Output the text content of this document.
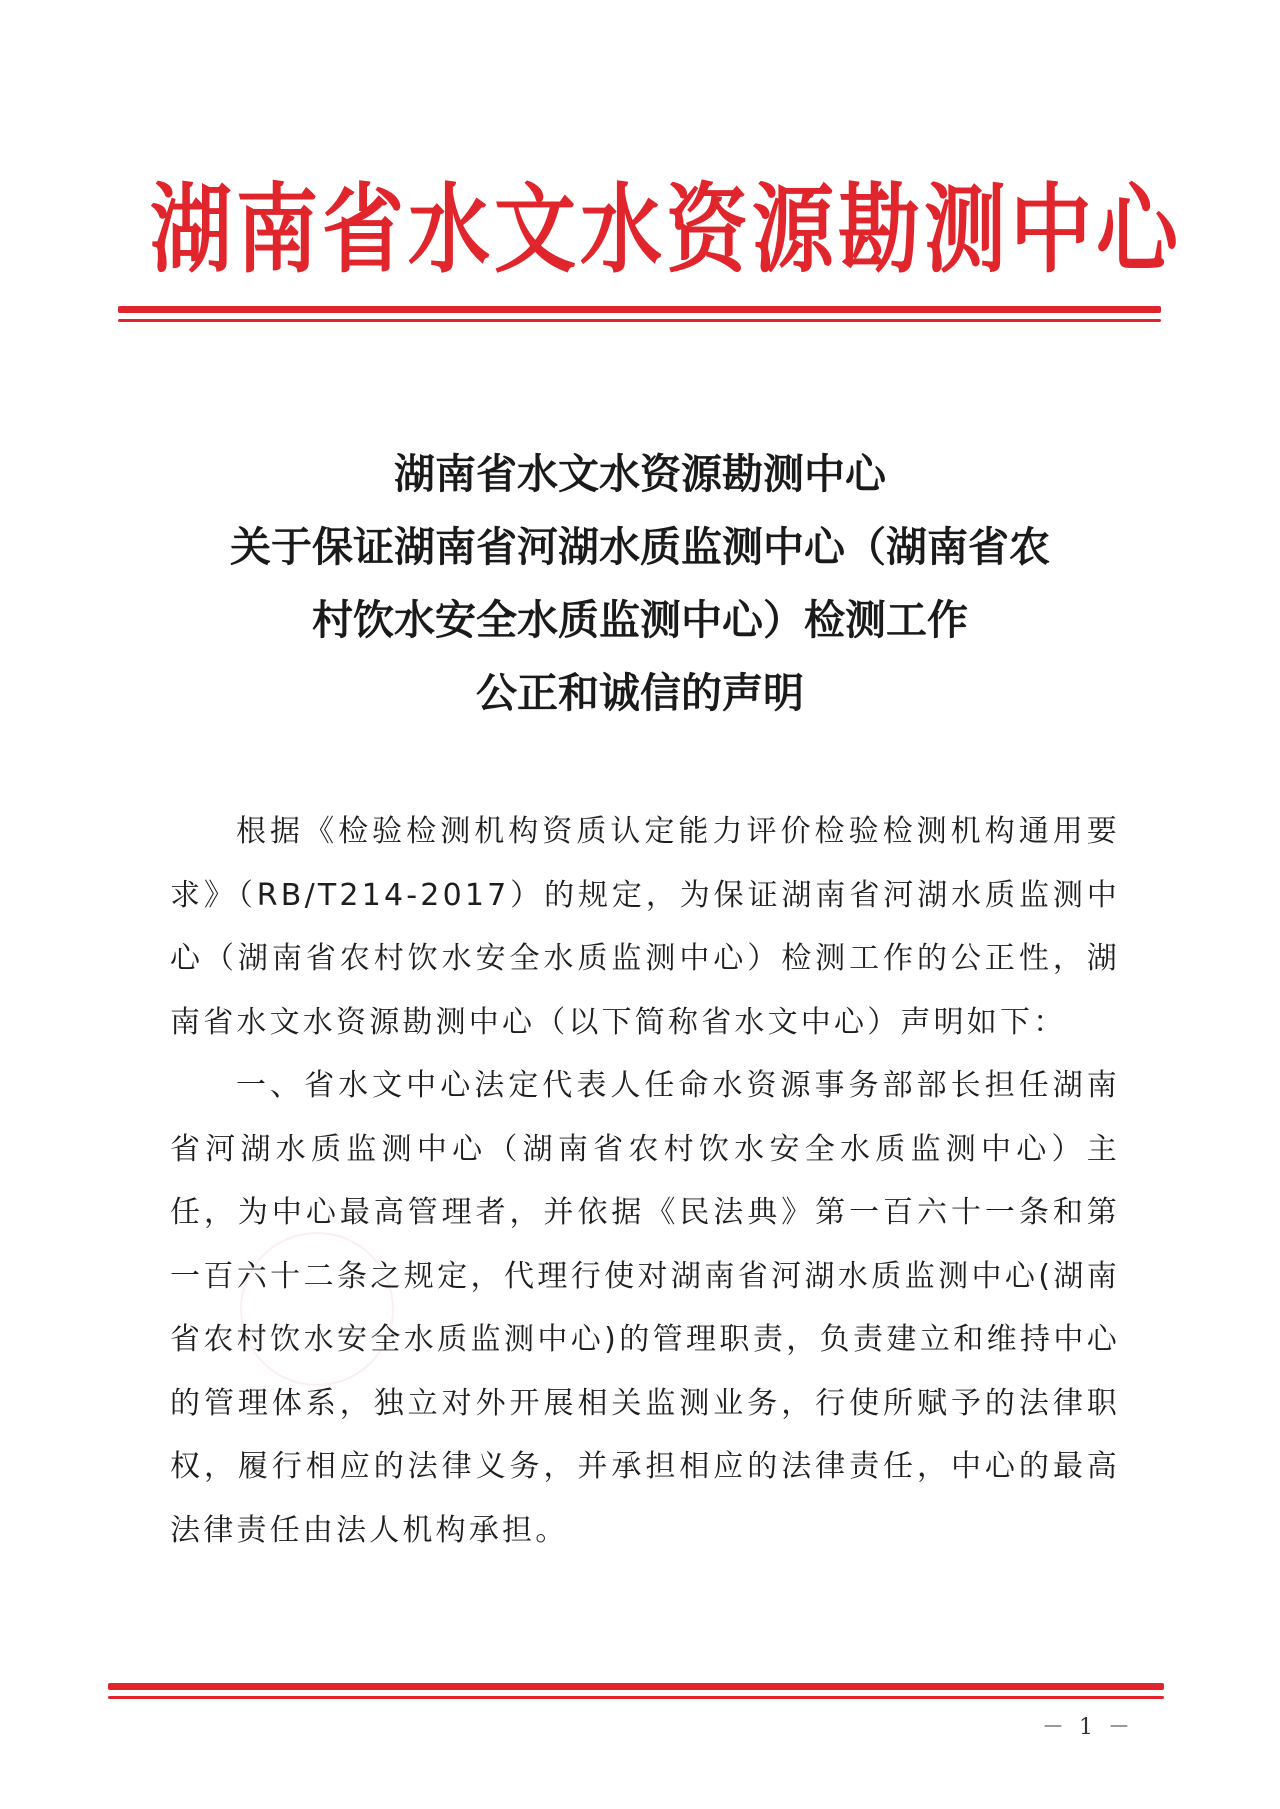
湖南省水文水资源勘测中心
湖南省水文水资源勘测中心
关于保证湖南省河湖水质监测中心（湖南省农
村饮水安全水质监测中心）检测工作
公正和诚信的声明

根据《检验检测机构资质认定能力评价检验检测机构通用要求》（RB/T214-2017）的规定，为保证湖南省河湖水质监测中心（湖南省农村饮水安全水质监测中心）检测工作的公正性，湖南省水文水资源勘测中心（以下简称省水文中心）声明如下：

一、省水文中心法定代表人任命水资源事务部部长担任湖南省河湖水质监测中心（湖南省农村饮水安全水质监测中心）主任，为中心最高管理者，并依据《民法典》第一百六十一条和第一百六十二条之规定，代理行使对湖南省河湖水质监测中心(湖南省农村饮水安全水质监测中心)的管理职责，负责建立和维持中心的管理体系，独立对外开展相关监测业务，行使所赋予的法律职权，履行相应的法律义务，并承担相应的法律责任，中心的最高法律责任由法人机构承担。

－ 1 －
